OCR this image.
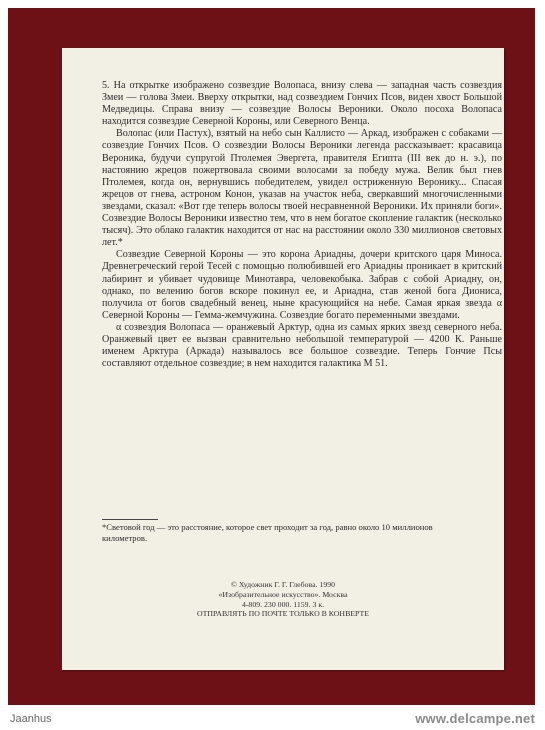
5. На открытке изображено созвездие Волопаса, внизу слева — западная часть созвездия Змеи — голова Змеи. Вверху открытки, над созвездием Гончих Псов, виден хвост Большой Медведицы. Справа внизу — созвездие Волосы Вероники. Около посоха Волопаса находится созвездие Северной Короны, или Северного Венца.

Волопас (или Пастух), взятый на небо сын Каллисто — Аркад, изображен с собаками — созвездие Гончих Псов. О созвездии Волосы Вероники легенда рассказывает: красавица Вероника, будучи супругой Птолемея Эвергета, правителя Египта (III век до н. э.), по настоянию жрецов пожертвовала своими волосами за победу мужа. Велик был гнев Птолемея, когда он, вернувшись победителем, увидел остриженную Веронику... Спасая жрецов от гнева, астроном Конон, указав на участок неба, сверкавший многочисленными звездами, сказал: «Вот где теперь волосы твоей несравненной Вероники. Их приняли боги». Созвездие Волосы Вероники известно тем, что в нем богатое скопление галактик (несколько тысяч). Это облако галактик находится от нас на расстоянии около 330 миллионов световых лет.*

Созвездие Северной Короны — это корона Ариадны, дочери критского царя Миноса. Древнегреческий герой Тесей с помощью полюбившей его Ариадны проникает в критский лабиринт и убивает чудовище Минотавра, человекобыка. Забрав с собой Ариадну, он, однако, по велению богов вскоре покинул ее, и Ариадна, став женой бога Диониса, получила от богов свадебный венец, ныне красующийся на небе. Самая яркая звезда α Северной Короны — Гемма-жемчужина. Созвездие богато переменными звездами.

α созвездия Волопаса — оранжевый Арктур, одна из самых ярких звезд северного неба. Оранжевый цвет ее вызван сравнительно небольшой температурой — 4200 К. Раньше именем Арктура (Аркада) называлось все большое созвездие. Теперь Гончие Псы составляют отдельное созвездие; в нем находится галактика М 51.

*Световой год — это расстояние, которое свет проходит за год, равно около 10 миллионов километров.
© Художник Г. Г. Глебова. 1990
«Изобразительное искусство». Москва
4-809. 230 000. 1159. 3 к.
ОТПРАВЛЯТЬ ПО ПОЧТЕ ТОЛЬКО В КОНВЕРТЕ
Jaanhus	www.delcampe.net
